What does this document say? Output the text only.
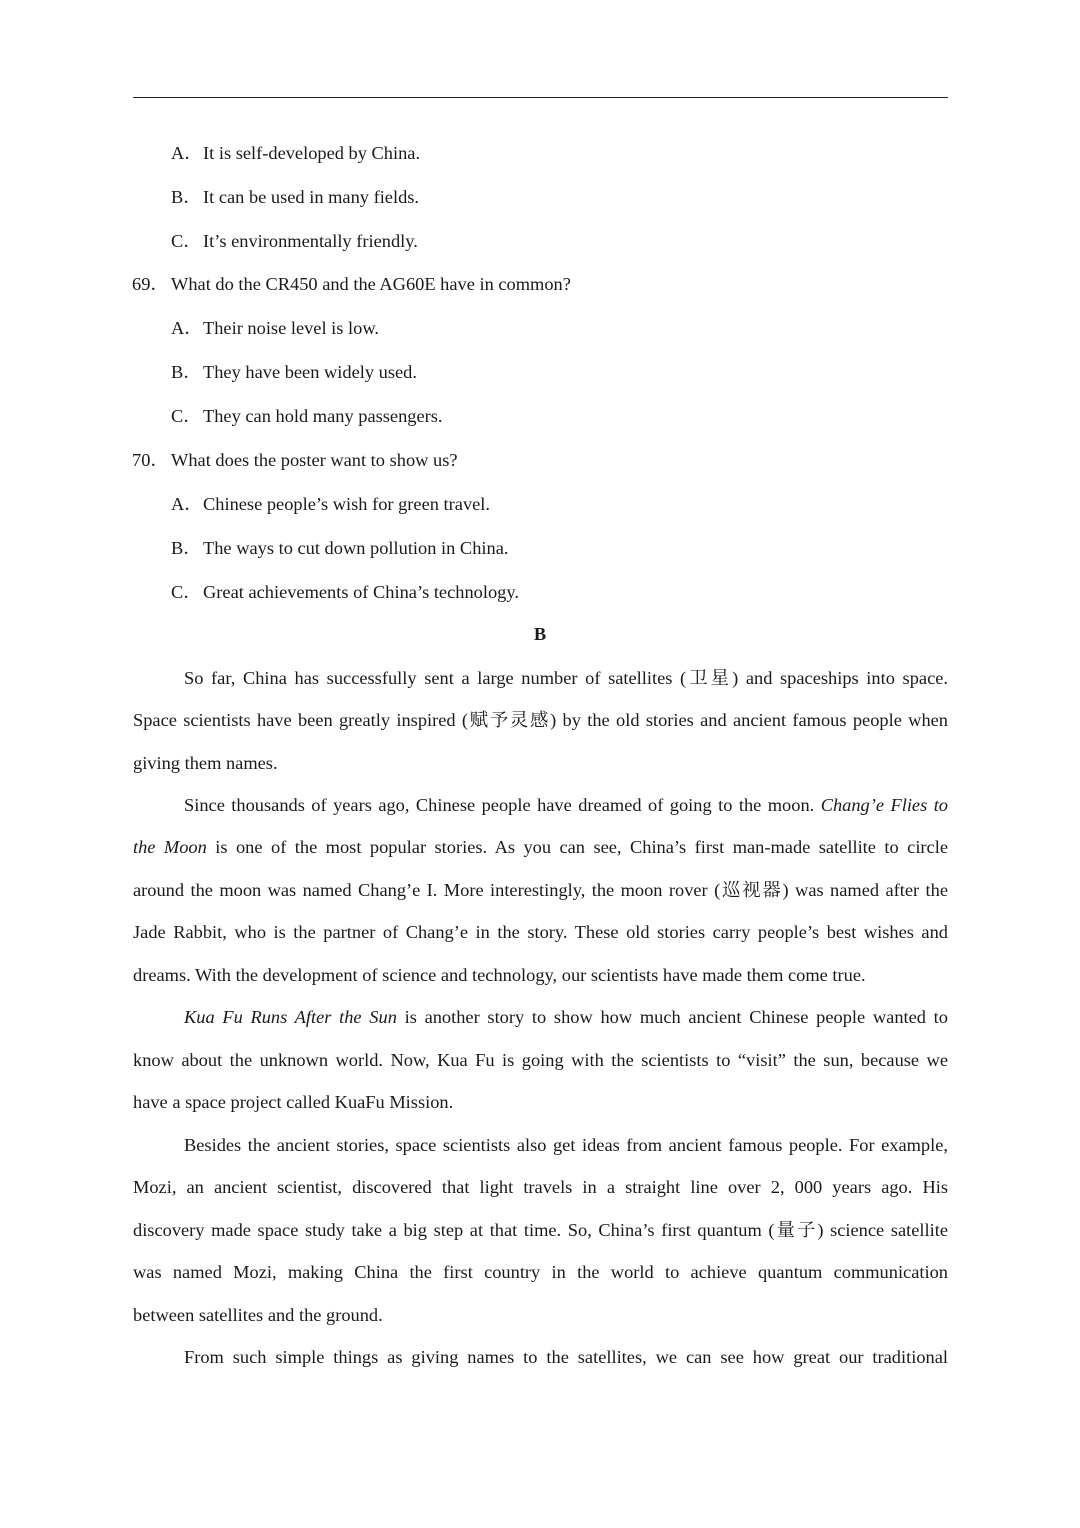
A．It is self-developed by China.
B．It can be used in many fields.
C．It’s environmentally friendly.
69． What do the CR450 and the AG60E have in common?
A．Their noise level is low.
B．They have been widely used.
C．They can hold many passengers.
70． What does the poster want to show us?
A．Chinese people’s wish for green travel.
B．The ways to cut down pollution in China.
C．Great achievements of China’s technology.
B
So far, China has successfully sent a large number of satellites (卫星) and spaceships into space.
Space scientists have been greatly inspired (赋予灵感) by the old stories and ancient famous people when
giving them names.
Since thousands of years ago, Chinese people have dreamed of going to the moon. Chang’e Flies to
the Moon is one of the most popular stories. As you can see, China’s first man-made satellite to circle
around the moon was named Chang’e I. More interestingly, the moon rover (巡视器) was named after the
Jade Rabbit, who is the partner of Chang’e in the story. These old stories carry people’s best wishes and
dreams. With the development of science and technology, our scientists have made them come true.
Kua Fu Runs After the Sun is another story to show how much ancient Chinese people wanted to
know about the unknown world. Now, Kua Fu is going with the scientists to “visit” the sun, because we
have a space project called KuaFu Mission.
Besides the ancient stories, space scientists also get ideas from ancient famous people. For example,
Mozi, an ancient scientist, discovered that light travels in a straight line over 2, 000 years ago. His
discovery made space study take a big step at that time. So, China’s first quantum (量子) science satellite
was named Mozi, making China the first country in the world to achieve quantum communication
between satellites and the ground.
From such simple things as giving names to the satellites, we can see how great our traditional
